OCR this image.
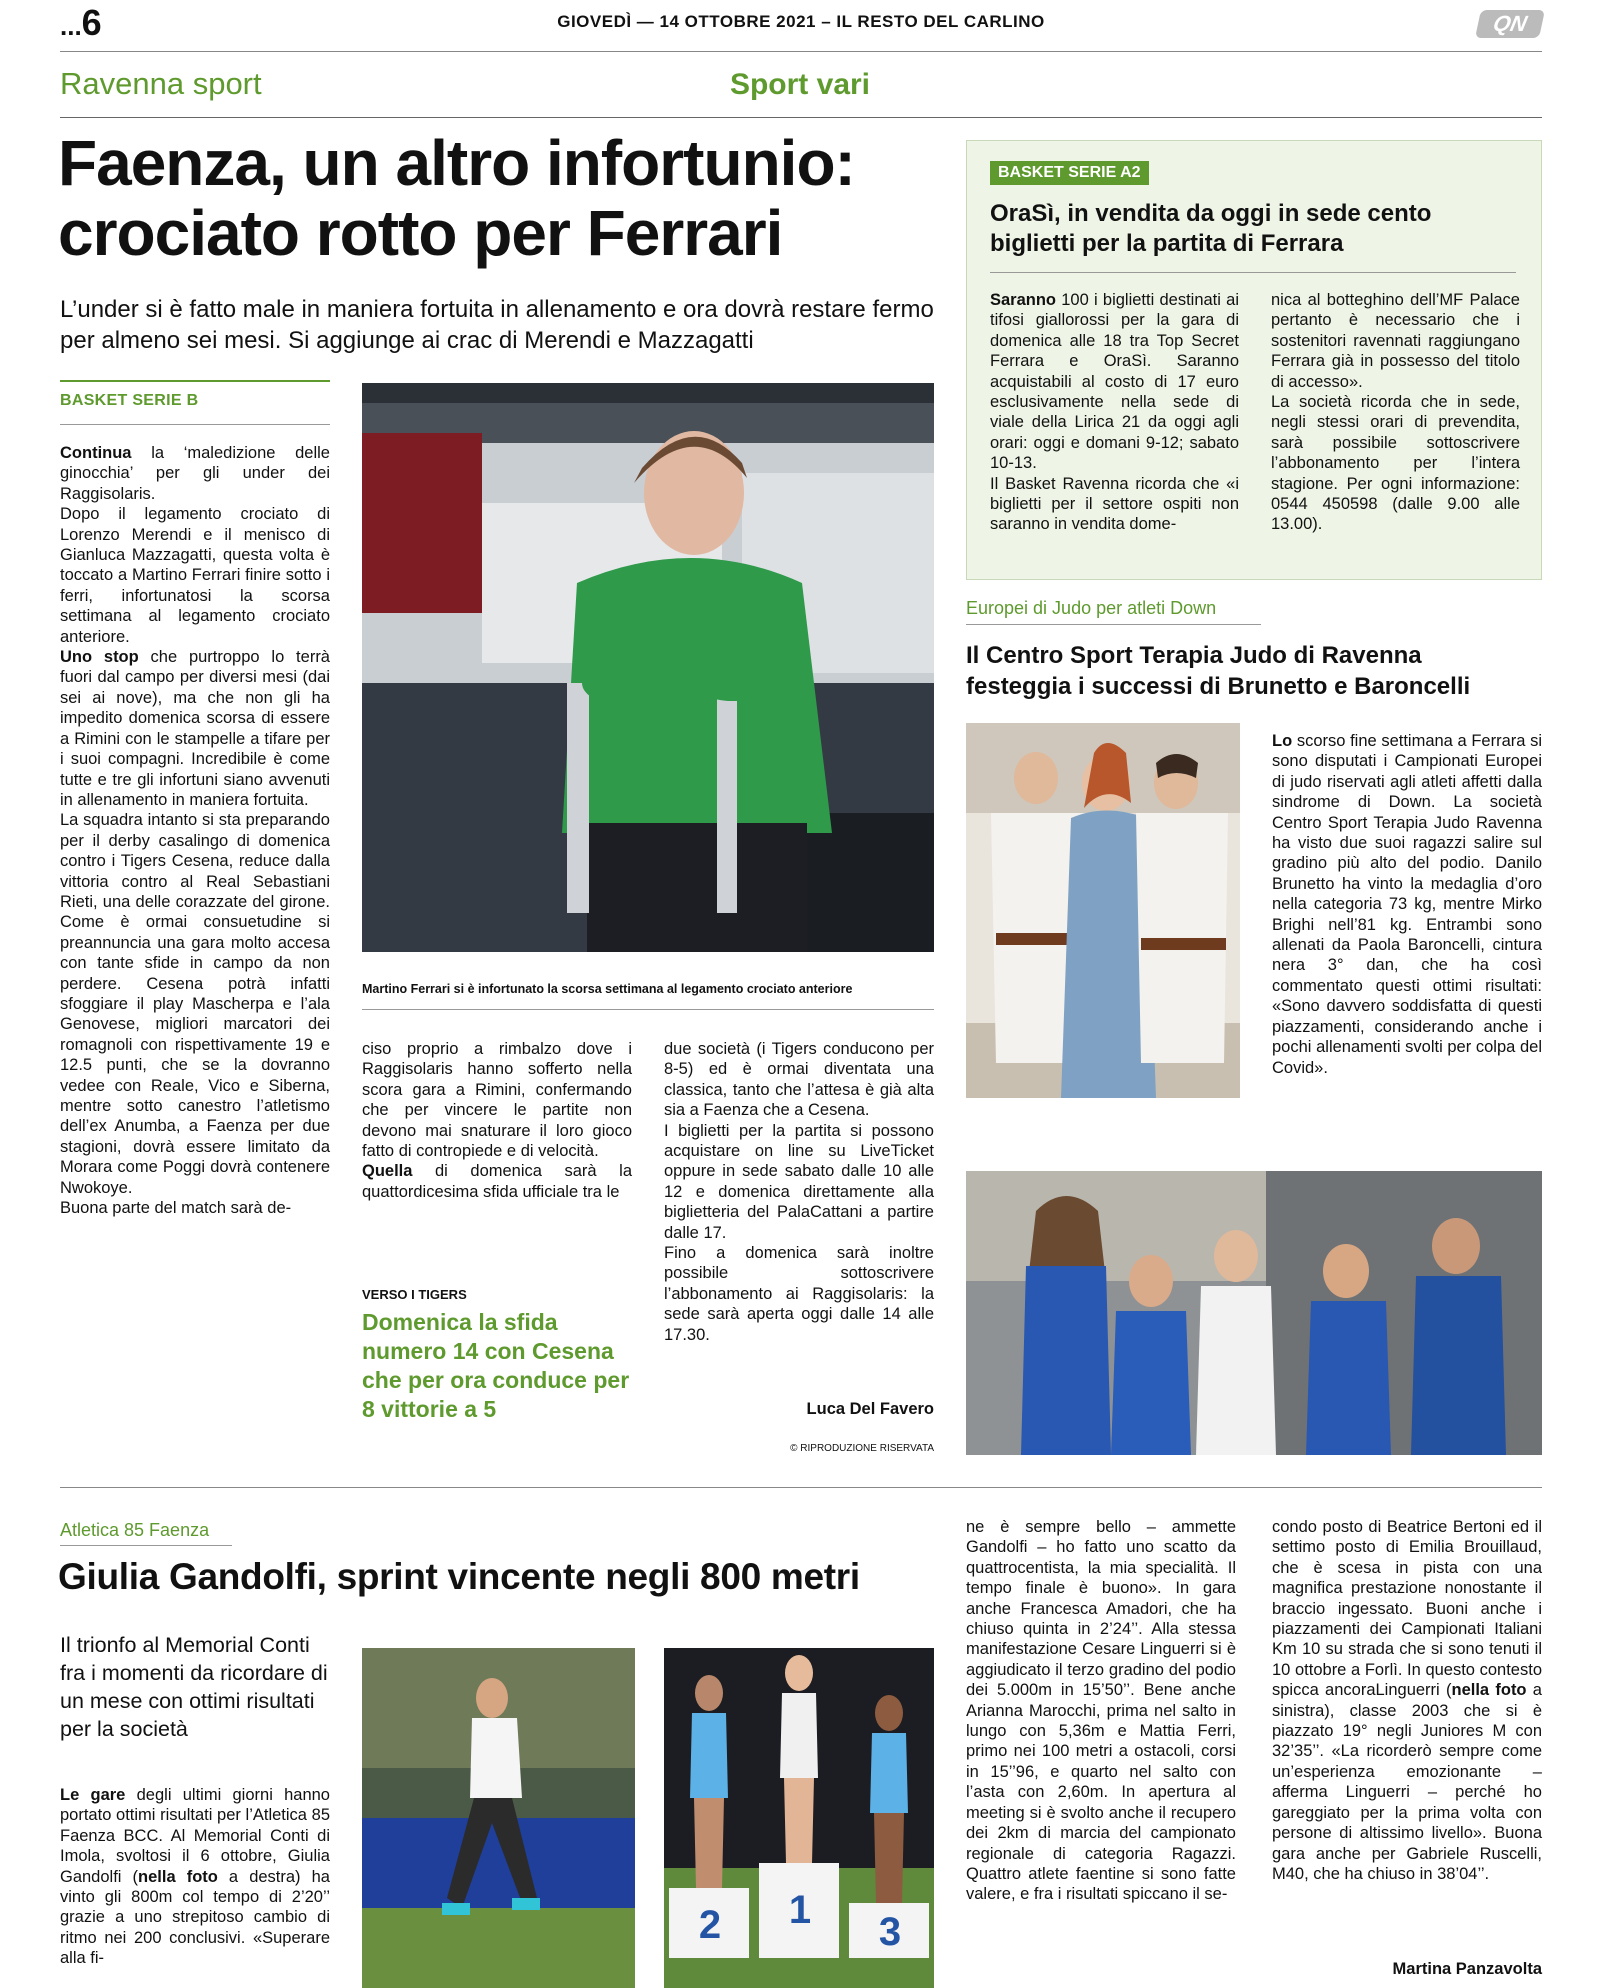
...6	GIOVEDÌ — 14 OTTOBRE 2021 – IL RESTO DEL CARLINO	QN
Ravenna sport	Sport vari
Faenza, un altro infortunio:
crociato rotto per Ferrari
L’under si è fatto male in maniera fortuita in allenamento e ora dovrà restare fermo per almeno sei mesi. Si aggiunge ai crac di Merendi e Mazzagatti
BASKET SERIE B
Continua la ‘maledizione delle ginocchia’ per gli under dei Raggisolaris.
Dopo il legamento crociato di Lorenzo Merendi e il menisco di Gianluca Mazzagatti, questa volta è toccato a Martino Ferrari finire sotto i ferri, infortunatosi la scorsa settimana al legamento crociato anteriore.
Uno stop che purtroppo lo terrà fuori dal campo per diversi mesi (dai sei ai nove), ma che non gli ha impedito domenica scorsa di essere a Rimini con le stampelle a tifare per i suoi compagni. Incredibile è come tutte e tre gli infortuni siano avvenuti in allenamento in maniera fortuita.
La squadra intanto si sta preparando per il derby casalingo di domenica contro i Tigers Cesena, reduce dalla vittoria contro al Real Sebastiani Rieti, una delle corazzate del girone. Come è ormai consuetudine si preannuncia una gara molto accesa con tante sfide in campo da non perdere. Cesena potrà infatti sfoggiare il play Mascherpa e l’ala Genovese, migliori marcatori dei romagnoli con rispettivamente 19 e 12.5 punti, che se la dovranno vedee con Reale, Vico e Siberna, mentre sotto canestro l’atletismo dell’ex Anumba, a Faenza per due stagioni, dovrà essere limitato da Morara come Poggi dovrà contenere Nwokoye.
Buona parte del match sarà de-
Martino Ferrari si è infortunato la scorsa settimana al legamento crociato anteriore
ciso proprio a rimbalzo dove i Raggisolaris hanno sofferto nella scora gara a Rimini, confermando che per vincere le partite non devono mai snaturare il loro gioco fatto di contropiede e di velocità.
Quella di domenica sarà la quattordicesima sfida ufficiale tra le
VERSO I TIGERS
Domenica la sfida numero 14 con Cesena che per ora conduce per 8 vittorie a 5
due società (i Tigers conducono per 8-5) ed è ormai diventata una classica, tanto che l’attesa è già alta sia a Faenza che a Cesena.
I biglietti per la partita si possono acquistare on line su LiveTicket oppure in sede sabato dalle 10 alle 12 e domenica direttamente alla biglietteria del PalaCattani a partire dalle 17.
Fino a domenica sarà inoltre possibile sottoscrivere l’abbonamento ai Raggisolaris: la sede sarà aperta oggi dalle 14 alle 17.30.
Luca Del Favero
© RIPRODUZIONE RISERVATA
BASKET SERIE A2
OraSì, in vendita da oggi in sede cento biglietti per la partita di Ferrara
Saranno 100 i biglietti destinati ai tifosi giallorossi per la gara di domenica alle 18 tra Top Secret Ferrara e OraSì. Saranno acquistabili al costo di 17 euro esclusivamente nella sede di viale della Lirica 21 da oggi agli orari: oggi e domani 9-12; sabato 10-13.
Il Basket Ravenna ricorda che «i biglietti per il settore ospiti non saranno in vendita dome-
nica al botteghino dell’MF Palace pertanto è necessario che i sostenitori ravennati raggiungano Ferrara già in possesso del titolo di accesso».
La società ricorda che in sede, negli stessi orari di prevendita, sarà possibile sottoscrivere l’abbonamento per l’intera stagione. Per ogni informazione: 0544 450598 (dalle 9.00 alle 13.00).
Europei di Judo per atleti Down
Il Centro Sport Terapia Judo di Ravenna festeggia i successi di Brunetto e Baroncelli
Lo scorso fine settimana a Ferrara si sono disputati i Campionati Europei di judo riservati agli atleti affetti dalla sindrome di Down. La società Centro Sport Terapia Judo Ravenna ha visto due suoi ragazzi salire sul gradino più alto del podio. Danilo Brunetto ha vinto la medaglia d’oro nella categoria 73 kg, mentre Mirko Brighi nell’81 kg. Entrambi sono allenati da Paola Baroncelli, cintura nera 3° dan, che ha così commentato questi ottimi risultati: «Sono davvero soddisfatta di questi piazzamenti, considerando anche i pochi allenamenti svolti per colpa del Covid».
Atletica 85 Faenza
Giulia Gandolfi, sprint vincente negli 800 metri
Il trionfo al Memorial Conti fra i momenti da ricordare di un mese con ottimi risultati per la società
Le gare degli ultimi giorni hanno portato ottimi risultati per l’Atletica 85 Faenza BCC. Al Memorial Conti di Imola, svoltosi il 6 ottobre, Giulia Gandolfi (nella foto a destra) ha vinto gli 800m col tempo di 2’20’’ grazie a uno strepitoso cambio di ritmo nei 200 conclusivi. «Superare alla fi-
2	1	3
ne è sempre bello – ammette Gandolfi – ho fatto uno scatto da quattrocentista, la mia specialità. Il tempo finale è buono». In gara anche Francesca Amadori, che ha chiuso quinta in 2’24’’. Alla stessa manifestazione Cesare Linguerri si è aggiudicato il terzo gradino del podio dei 5.000m in 15’50’’. Bene anche Arianna Marocchi, prima nel salto in lungo con 5,36m e Mattia Ferri, primo nei 100 metri a ostacoli, corsi in 15’’96, e quarto nel salto con l’asta con 2,60m. In apertura al meeting si è svolto anche il recupero dei 2km di marcia del campionato regionale di categoria Ragazzi. Quattro atlete faentine si sono fatte valere, e fra i risultati spiccano il se-
condo posto di Beatrice Bertoni ed il settimo posto di Emilia Brouillaud, che è scesa in pista con una magnifica prestazione nonostante il braccio ingessato. Buoni anche i piazzamenti dei Campionati Italiani Km 10 su strada che si sono tenuti il 10 ottobre a Forlì. In questo contesto spicca ancoraLinguerri (nella foto a sinistra), classe 2003 che si è piazzato 19° negli Juniores M con 32’35’’. «La ricorderò sempre come un’esperienza emozionante – afferma Linguerri – perché ho gareggiato per la prima volta con persone di altissimo livello». Buona gara anche per Gabriele Ruscelli, M40, che ha chiuso in 38’04’’.
Martina Panzavolta
